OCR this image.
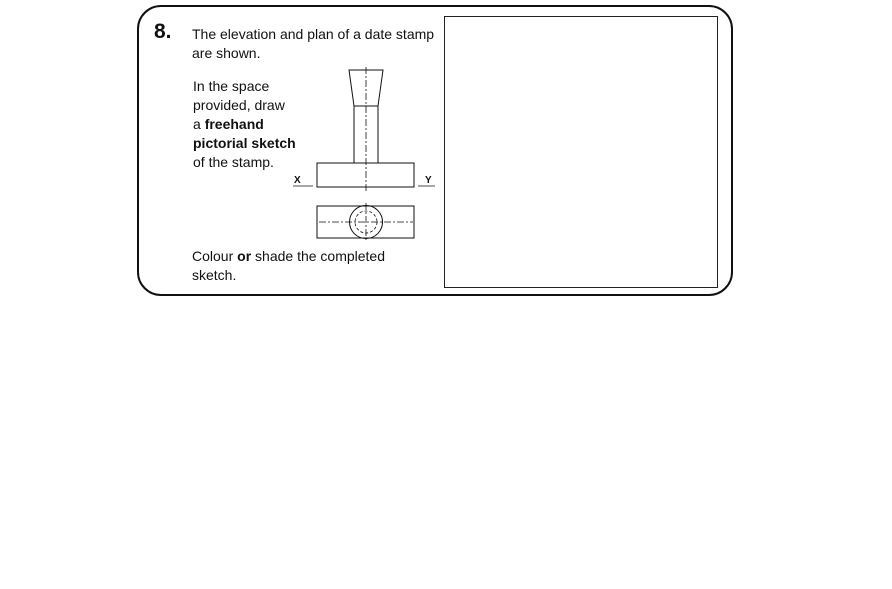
8. The elevation and plan of a date stamp
are shown.
In the space
provided, draw
a freehand
pictorial sketch
of the stamp.
X	Y
Colour or shade the completed
sketch.
